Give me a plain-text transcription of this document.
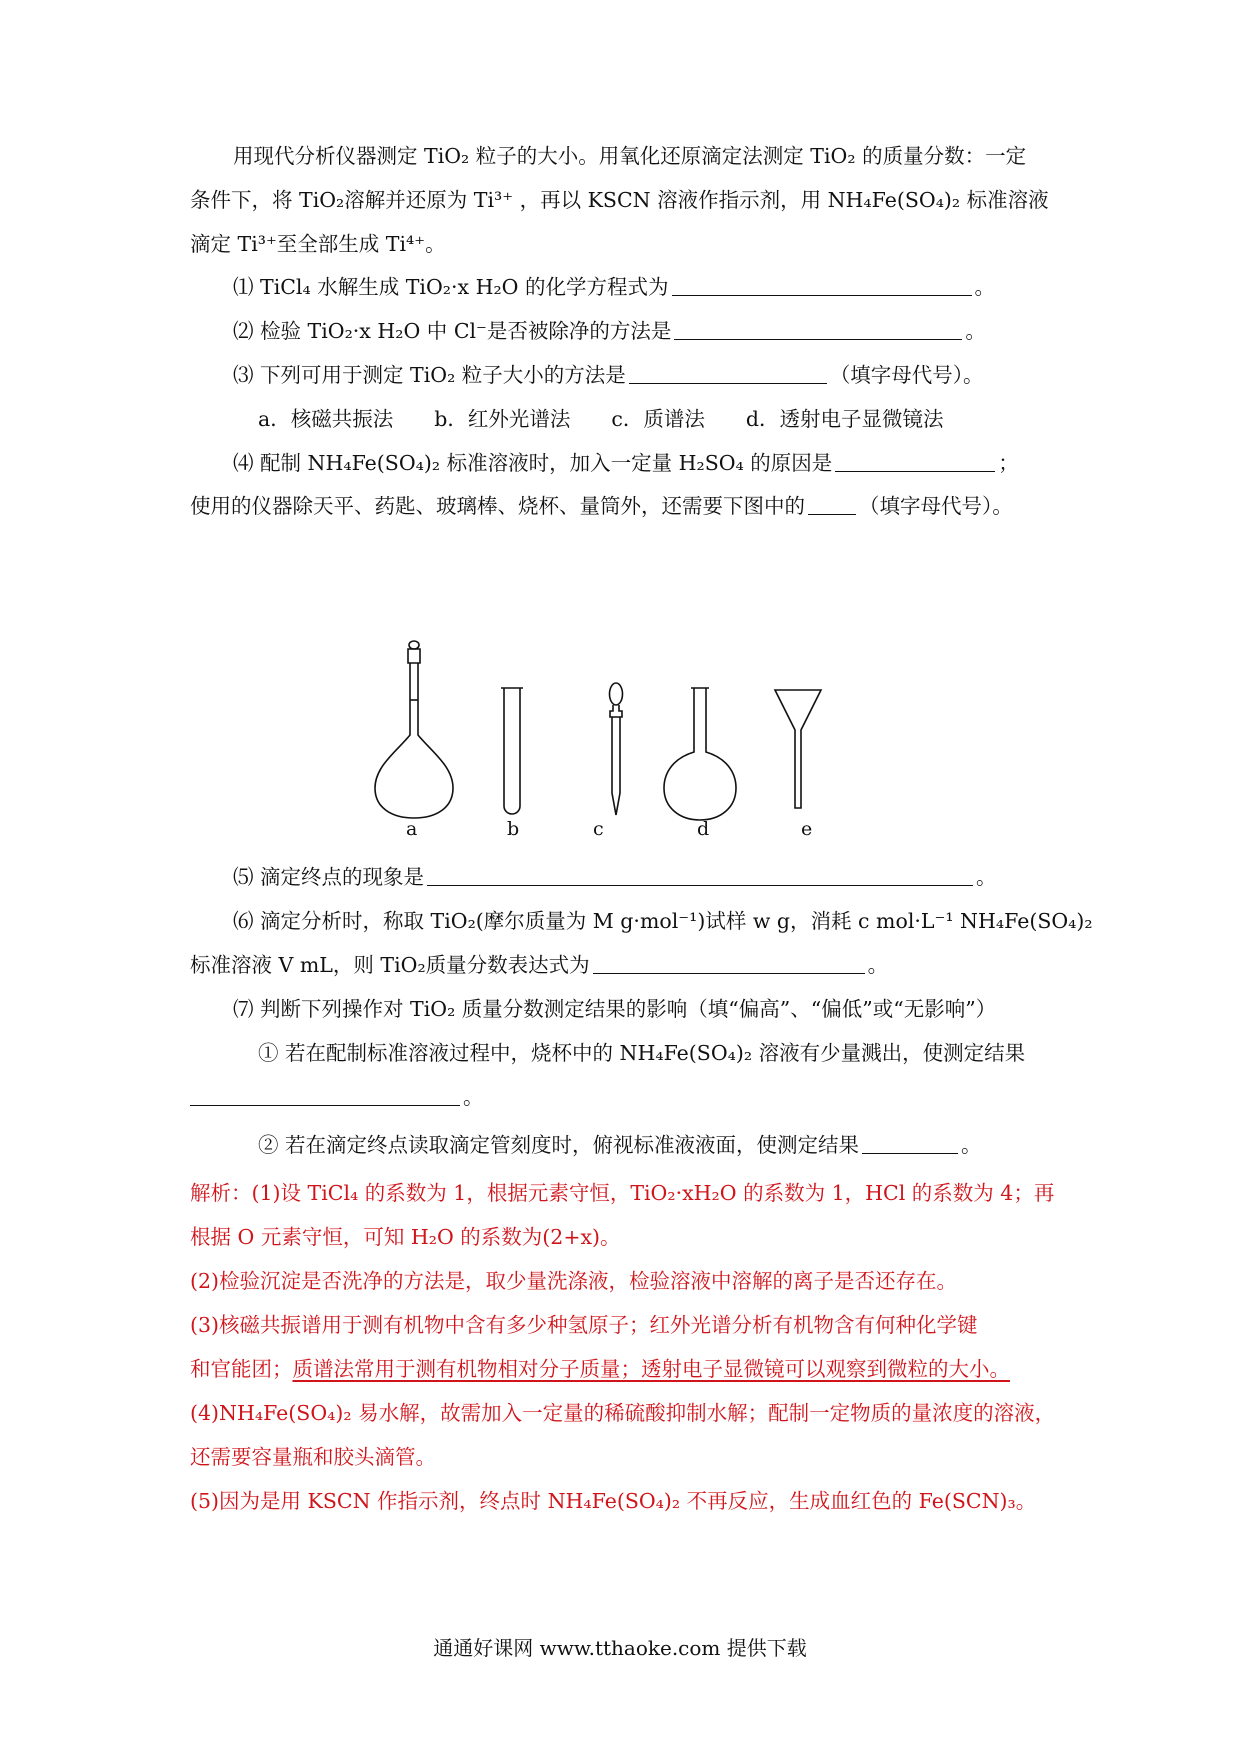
用现代分析仪器测定 TiO₂ 粒子的大小。用氧化还原滴定法测定 TiO₂ 的质量分数：一定
条件下，将 TiO₂溶解并还原为 Ti³⁺ ，再以 KSCN 溶液作指示剂，用 NH₄Fe(SO₄)₂ 标准溶液
滴定 Ti³⁺至全部生成 Ti⁴⁺。
⑴ TiCl₄ 水解生成 TiO₂·x H₂O 的化学方程式为	。
⑵ 检验 TiO₂·x H₂O 中 Cl⁻是否被除净的方法是	。
⑶ 下列可用于测定 TiO₂ 粒子大小的方法是	（填字母代号）。
a．核磁共振法　　b．红外光谱法　　c．质谱法　　d．透射电子显微镜法
⑷ 配制 NH₄Fe(SO₄)₂ 标准溶液时，加入一定量 H₂SO₄ 的原因是	；
使用的仪器除天平、药匙、玻璃棒、烧杯、量筒外，还需要下图中的	（填字母代号）。
a	b	c	d	e
⑸ 滴定终点的现象是	。
⑹ 滴定分析时，称取 TiO₂(摩尔质量为 M g·mol⁻¹)试样 w g，消耗 c mol·L⁻¹ NH₄Fe(SO₄)₂
标准溶液 V mL，则 TiO₂质量分数表达式为	。
⑺ 判断下列操作对 TiO₂ 质量分数测定结果的影响（填“偏高”、“偏低”或“无影响”）
① 若在配制标准溶液过程中，烧杯中的 NH₄Fe(SO₄)₂ 溶液有少量溅出，使测定结果
。
② 若在滴定终点读取滴定管刻度时，俯视标准液液面，使测定结果	。
解析：(1)设 TiCl₄ 的系数为 1，根据元素守恒，TiO₂·xH₂O 的系数为 1，HCl 的系数为 4；再
根据 O 元素守恒，可知 H₂O 的系数为(2+x)。
(2)检验沉淀是否洗净的方法是，取少量洗涤液，检验溶液中溶解的离子是否还存在。
(3)核磁共振谱用于测有机物中含有多少种氢原子；红外光谱分析有机物含有何种化学键
和官能团；质谱法常用于测有机物相对分子质量；透射电子显微镜可以观察到微粒的大小。
(4)NH₄Fe(SO₄)₂ 易水解，故需加入一定量的稀硫酸抑制水解；配制一定物质的量浓度的溶液，
还需要容量瓶和胶头滴管。
(5)因为是用 KSCN 作指示剂，终点时 NH₄Fe(SO₄)₂ 不再反应，生成血红色的 Fe(SCN)₃。
通通好课网 www.tthaoke.com 提供下载
